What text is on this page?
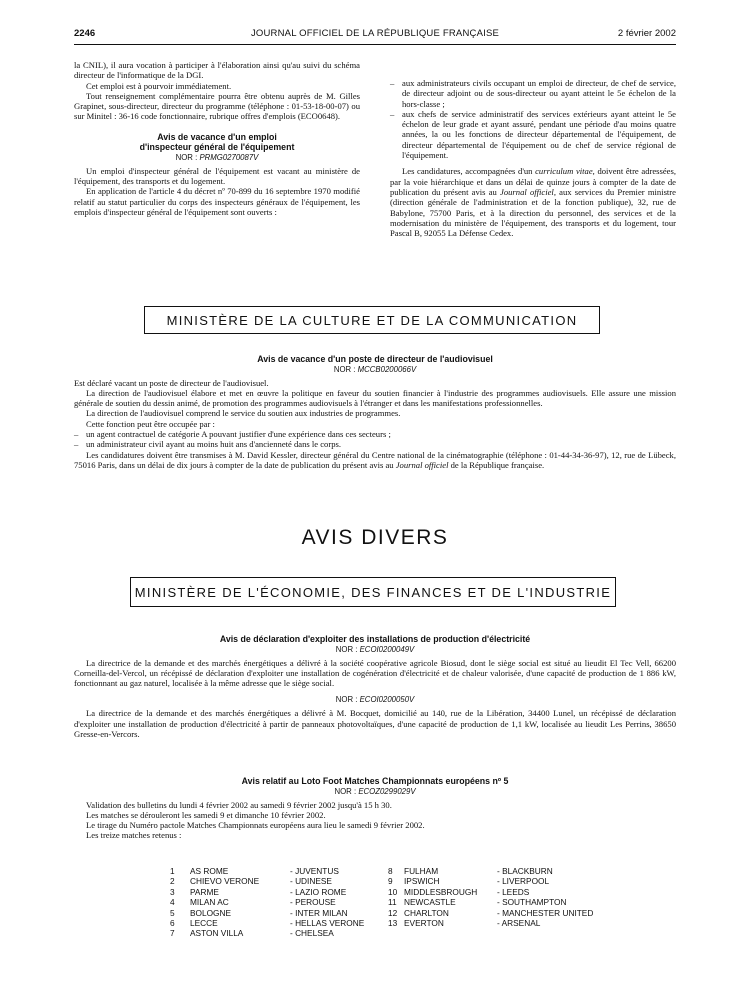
2246	JOURNAL OFFICIEL DE LA RÉPUBLIQUE FRANÇAISE	2 février 2002

la CNIL), il aura vocation à participer à l'élaboration ainsi qu'au suivi du schéma directeur de l'informatique de la DGI.

Cet emploi est à pourvoir immédiatement.

Tout renseignement complémentaire pourra être obtenu auprès de M. Gilles Grapinet, sous-directeur, directeur du programme (téléphone : 01-53-18-00-07) ou sur Minitel : 36-16 code fonctionnaire, rubrique offres d'emplois (ECO0648).

Avis de vacance d'un emploi
d'inspecteur général de l'équipement
NOR : PRMG0270087V

Un emploi d'inspecteur général de l'équipement est vacant au ministère de l'équipement, des transports et du logement.

En application de l'article 4 du décret nº 70-899 du 16 septembre 1970 modifié relatif au statut particulier du corps des inspecteurs généraux de l'équipement, les emplois d'inspecteur général de l'équipement sont ouverts :

– aux administrateurs civils occupant un emploi de directeur, de chef de service, de directeur adjoint ou de sous-directeur ou ayant atteint le 5e échelon de la hors-classe ;
– aux chefs de service administratif des services extérieurs ayant atteint le 5e échelon de leur grade et ayant assuré, pendant une période d'au moins quatre années, la ou les fonctions de directeur départemental de l'équipement, de directeur départemental de l'équipement ou de chef de service régional de l'équipement.

Les candidatures, accompagnées d'un curriculum vitae, doivent être adressées, par la voie hiérarchique et dans un délai de quinze jours à compter de la date de publication du présent avis au Journal officiel, aux services du Premier ministre (direction générale de l'administration et de la fonction publique), 32, rue de Babylone, 75700 Paris, et à la direction du personnel, des services et de la modernisation du ministère de l'équipement, des transports et du logement, tour Pascal B, 92055 La Défense Cedex.

MINISTÈRE DE LA CULTURE ET DE LA COMMUNICATION
Avis de vacance d'un poste de directeur de l'audiovisuel
NOR : MCCB0200066V

Est déclaré vacant un poste de directeur de l'audiovisuel.

La direction de l'audiovisuel élabore et met en œuvre la politique en faveur du soutien financier à l'industrie des programmes audiovisuels. Elle assure une mission générale de soutien du dessin animé, de promotion des programmes audiovisuels à l'étranger et dans les manifestations professionnelles.

La direction de l'audiovisuel comprend le service du soutien aux industries de programmes.

Cette fonction peut être occupée par :

– un agent contractuel de catégorie A pouvant justifier d'une expérience dans ces secteurs ;
– un administrateur civil ayant au moins huit ans d'ancienneté dans le corps.

Les candidatures doivent être transmises à M. David Kessler, directeur général du Centre national de la cinématographie (téléphone : 01-44-34-36-97), 12, rue de Lübeck, 75016 Paris, dans un délai de dix jours à compter de la date de publication du présent avis au Journal officiel de la République française.

AVIS DIVERS
MINISTÈRE DE L'ÉCONOMIE, DES FINANCES ET DE L'INDUSTRIE
Avis de déclaration d'exploiter des installations de production d'électricité
NOR : ECOI0200049V

La directrice de la demande et des marchés énergétiques a délivré à la société coopérative agricole Biosud, dont le siège social est situé au lieudit El Tec Vell, 66200 Corneilla-del-Vercol, un récépissé de déclaration d'exploiter une installation de cogénération d'électricité et de chaleur valorisée, d'une capacité de production de 1 886 kW, fonctionnant au gaz naturel, localisée à la même adresse que le siège social.

NOR : ECOI0200050V

La directrice de la demande et des marchés énergétiques a délivré à M. Bocquet, domicilié au 140, rue de la Libération, 34400 Lunel, un récépissé de déclaration d'exploiter une installation de production d'électricité à partir de panneaux photovoltaïques, d'une capacité de production de 1,1 kW, localisée au lieudit Les Perrins, 38650 Gresse-en-Vercors.

Avis relatif au Loto Foot Matches Championnats européens nº 5
NOR : ECOZ0299029V

Validation des bulletins du lundi 4 février 2002 au samedi 9 février 2002 jusqu'à 15 h 30.

Les matches se dérouleront les samedi 9 et dimanche 10 février 2002.

Le tirage du Numéro pactole Matches Championnats européens aura lieu le samedi 9 février 2002.

Les treize matches retenus :

1	AS ROME	- JUVENTUS	8	FULHAM	- BLACKBURN
2	CHIEVO VERONE	- UDINESE	9	IPSWICH	- LIVERPOOL
3	PARME	- LAZIO ROME	10	MIDDLESBROUGH	- LEEDS
4	MILAN AC	- PEROUSE	11	NEWCASTLE	- SOUTHAMPTON
5	BOLOGNE	- INTER MILAN	12	CHARLTON	- MANCHESTER UNITED
6	LECCE	- HELLAS VERONE	13	EVERTON	- ARSENAL
7	ASTON VILLA	- CHELSEA			
